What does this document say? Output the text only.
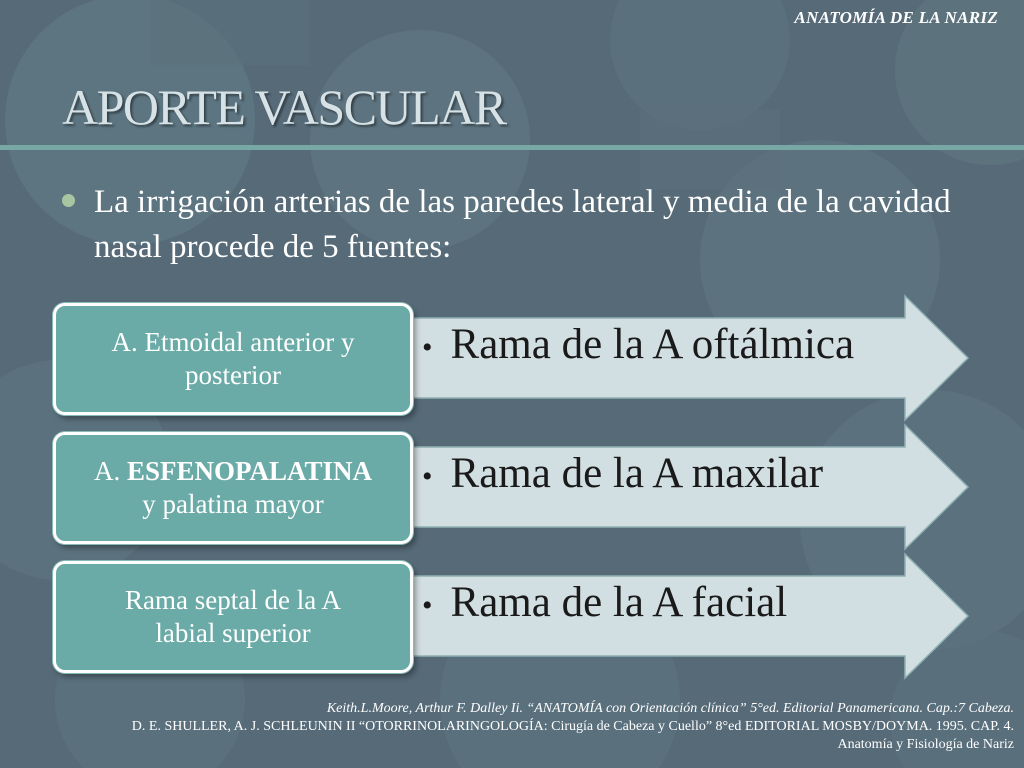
ANATOMÍA DE LA NARIZ
APORTE VASCULAR

La irrigación arterias de las paredes lateral y media de la cavidad nasal procede de 5 fuentes:

• Rama de la A oftálmica
• Rama de la A maxilar
• Rama de la A facial
A. Etmoidal anterior y
posterior
A. ESFENOPALATINA
y palatina mayor
Rama septal de la A
labial superior
Keith.L.Moore, Arthur F. Dalley Ii. “ANATOMÍA con Orientación clínica” 5°ed. Editorial Panamericana. Cap.:7 Cabeza.
D. E. SHULLER, A. J. SCHLEUNIN II “OTORRINOLARINGOLOGÍA: Cirugía de Cabeza y Cuello” 8°ed EDITORIAL MOSBY/DOYMA. 1995. CAP. 4.
Anatomía y Fisiología de Nariz
